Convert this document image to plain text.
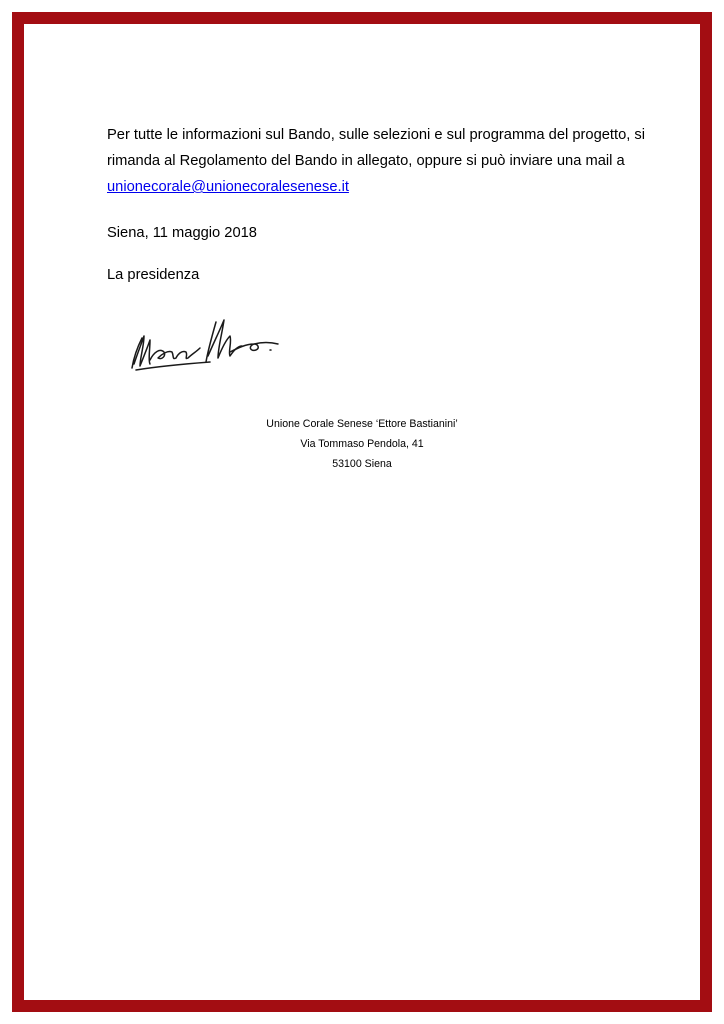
Per tutte le informazioni sul Bando, sulle selezioni e sul programma del progetto, si
rimanda al Regolamento del Bando in allegato, oppure si può inviare una mail a
unionecorale@unionecoralesenese.it

Siena, 11 maggio 2018

La presidenza

Unione Corale Senese ‘Ettore Bastianini’
Via Tommaso Pendola, 41
53100 Siena
